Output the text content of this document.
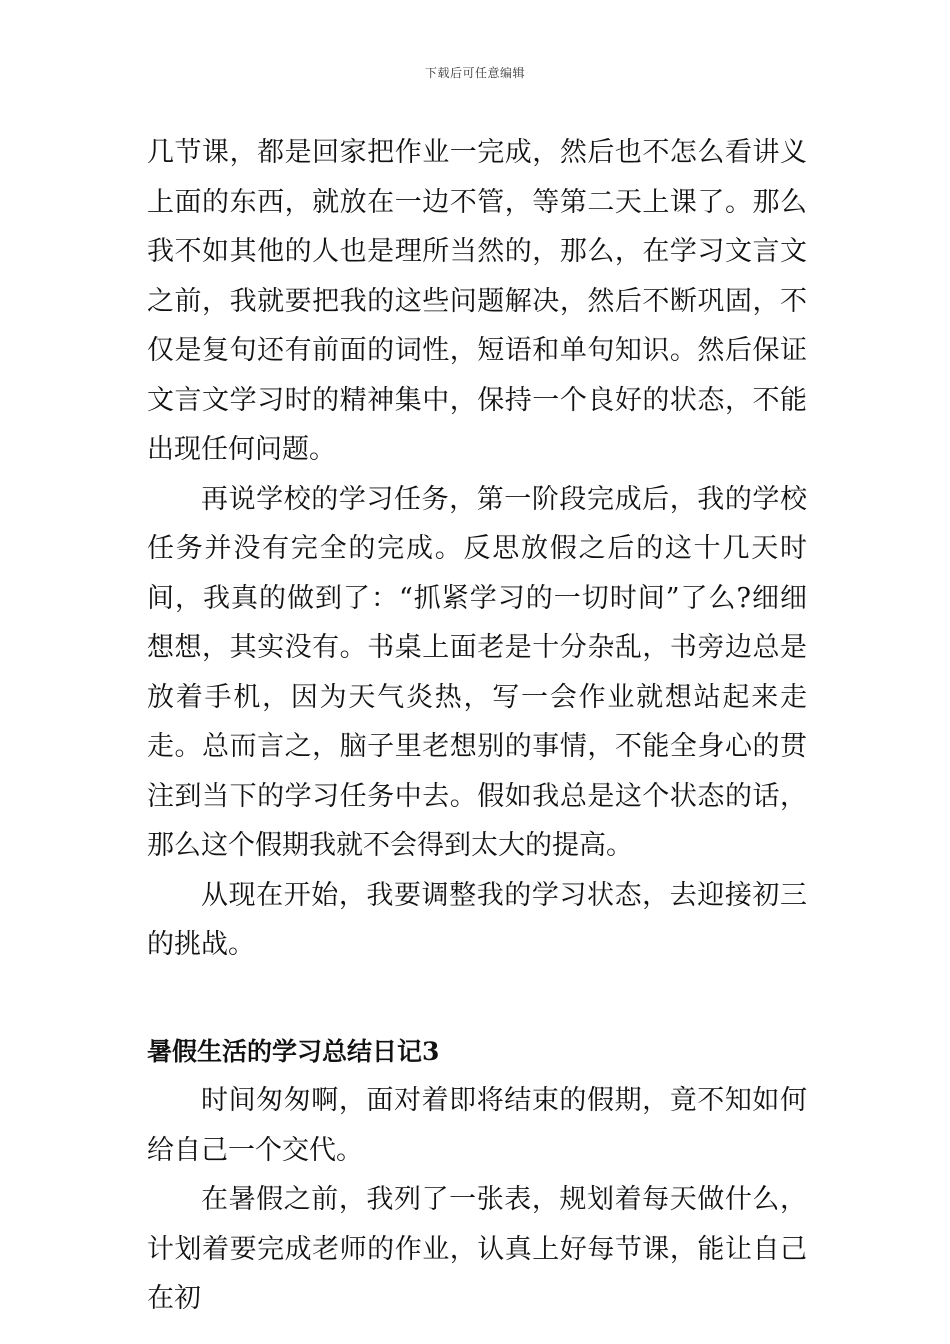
下载后可任意编辑

几节课，都是回家把作业一完成，然后也不怎么看讲义上面的东西，就放在一边不管，等第二天上课了。那么我不如其他的人也是理所当然的，那么，在学习文言文之前，我就要把我的这些问题解决，然后不断巩固，不仅是复句还有前面的词性，短语和单句知识。然后保证文言文学习时的精神集中，保持一个良好的状态，不能出现任何问题。

再说学校的学习任务，第一阶段完成后，我的学校任务并没有完全的完成。反思放假之后的这十几天时间，我真的做到了：“抓紧学习的一切时间”了么?细细想想，其实没有。书桌上面老是十分杂乱，书旁边总是放着手机，因为天气炎热，写一会作业就想站起来走走。总而言之，脑子里老想别的事情，不能全身心的贯注到当下的学习任务中去。假如我总是这个状态的话，那么这个假期我就不会得到太大的提高。

从现在开始，我要调整我的学习状态，去迎接初三的挑战。

暑假生活的学习总结日记3

时间匆匆啊，面对着即将结束的假期，竟不知如何给自己一个交代。

在暑假之前，我列了一张表，规划着每天做什么，计划着要完成老师的作业，认真上好每节课，能让自己在初
